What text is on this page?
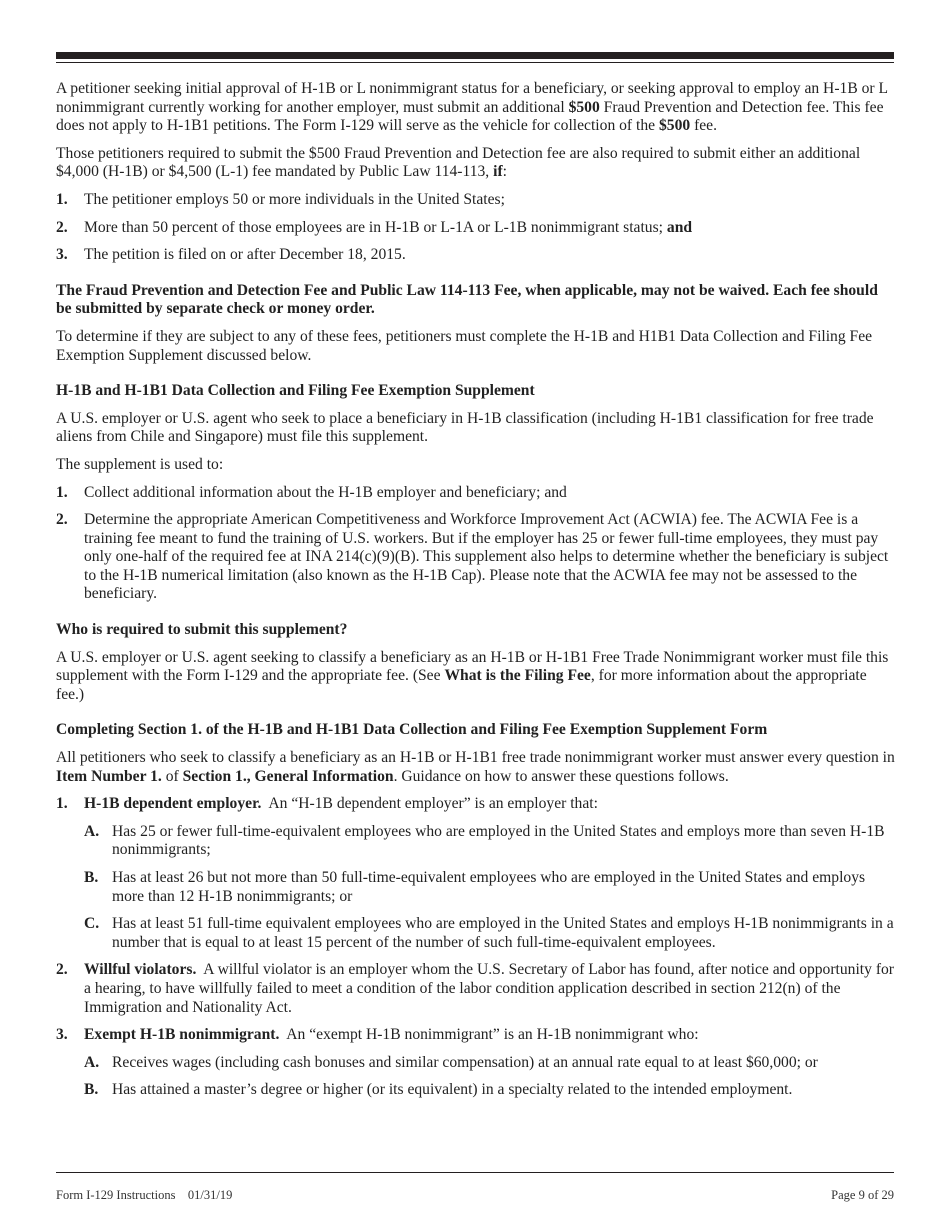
A petitioner seeking initial approval of H-1B or L nonimmigrant status for a beneficiary, or seeking approval to employ an H-1B or L nonimmigrant currently working for another employer, must submit an additional $500 Fraud Prevention and Detection fee. This fee does not apply to H-1B1 petitions. The Form I-129 will serve as the vehicle for collection of the $500 fee.

Those petitioners required to submit the $500 Fraud Prevention and Detection fee are also required to submit either an additional $4,000 (H-1B) or $4,500 (L-1) fee mandated by Public Law 114-113, if:

1.	The petitioner employs 50 or more individuals in the United States;
2.	More than 50 percent of those employees are in H-1B or L-1A or L-1B nonimmigrant status; and
3.	The petition is filed on or after December 18, 2015.
The Fraud Prevention and Detection Fee and Public Law 114-113 Fee, when applicable, may not be waived. Each fee should be submitted by separate check or money order.

To determine if they are subject to any of these fees, petitioners must complete the H-1B and H1B1 Data Collection and Filing Fee Exemption Supplement discussed below.

H-1B and H-1B1 Data Collection and Filing Fee Exemption Supplement

A U.S. employer or U.S. agent who seek to place a beneficiary in H-1B classification (including H-1B1 classification for free trade aliens from Chile and Singapore) must file this supplement.

The supplement is used to:

1.	Collect additional information about the H-1B employer and beneficiary; and
2.	Determine the appropriate American Competitiveness and Workforce Improvement Act (ACWIA) fee. The ACWIA Fee is a training fee meant to fund the training of U.S. workers. But if the employer has 25 or fewer full-time employees, they must pay only one-half of the required fee at INA 214(c)(9)(B). This supplement also helps to determine whether the beneficiary is subject to the H-1B numerical limitation (also known as the H-1B Cap). Please note that the ACWIA fee may not be assessed to the beneficiary.
Who is required to submit this supplement?

A U.S. employer or U.S. agent seeking to classify a beneficiary as an H-1B or H-1B1 Free Trade Nonimmigrant worker must file this supplement with the Form I-129 and the appropriate fee. (See What is the Filing Fee, for more information about the appropriate fee.)

Completing Section 1. of the H-1B and H-1B1 Data Collection and Filing Fee Exemption Supplement Form

All petitioners who seek to classify a beneficiary as an H-1B or H-1B1 free trade nonimmigrant worker must answer every question in Item Number 1. of Section 1., General Information. Guidance on how to answer these questions follows.

1.	H-1B dependent employer.  An “H-1B dependent employer” is an employer that:
A. Has 25 or fewer full-time-equivalent employees who are employed in the United States and employs more than seven H-1B nonimmigrants;
B. Has at least 26 but not more than 50 full-time-equivalent employees who are employed in the United States and employs more than 12 H-1B nonimmigrants; or
C. Has at least 51 full-time equivalent employees who are employed in the United States and employs H-1B nonimmigrants in a number that is equal to at least 15 percent of the number of such full-time-equivalent employees.
2.	Willful violators.  A willful violator is an employer whom the U.S. Secretary of Labor has found, after notice and opportunity for a hearing, to have willfully failed to meet a condition of the labor condition application described in section 212(n) of the Immigration and Nationality Act.
3.	Exempt H-1B nonimmigrant.  An “exempt H-1B nonimmigrant” is an H-1B nonimmigrant who:
A. Receives wages (including cash bonuses and similar compensation) at an annual rate equal to at least $60,000; or
B. Has attained a master’s degree or higher (or its equivalent) in a specialty related to the intended employment.
Form I-129 Instructions    01/31/19	Page 9 of 29
